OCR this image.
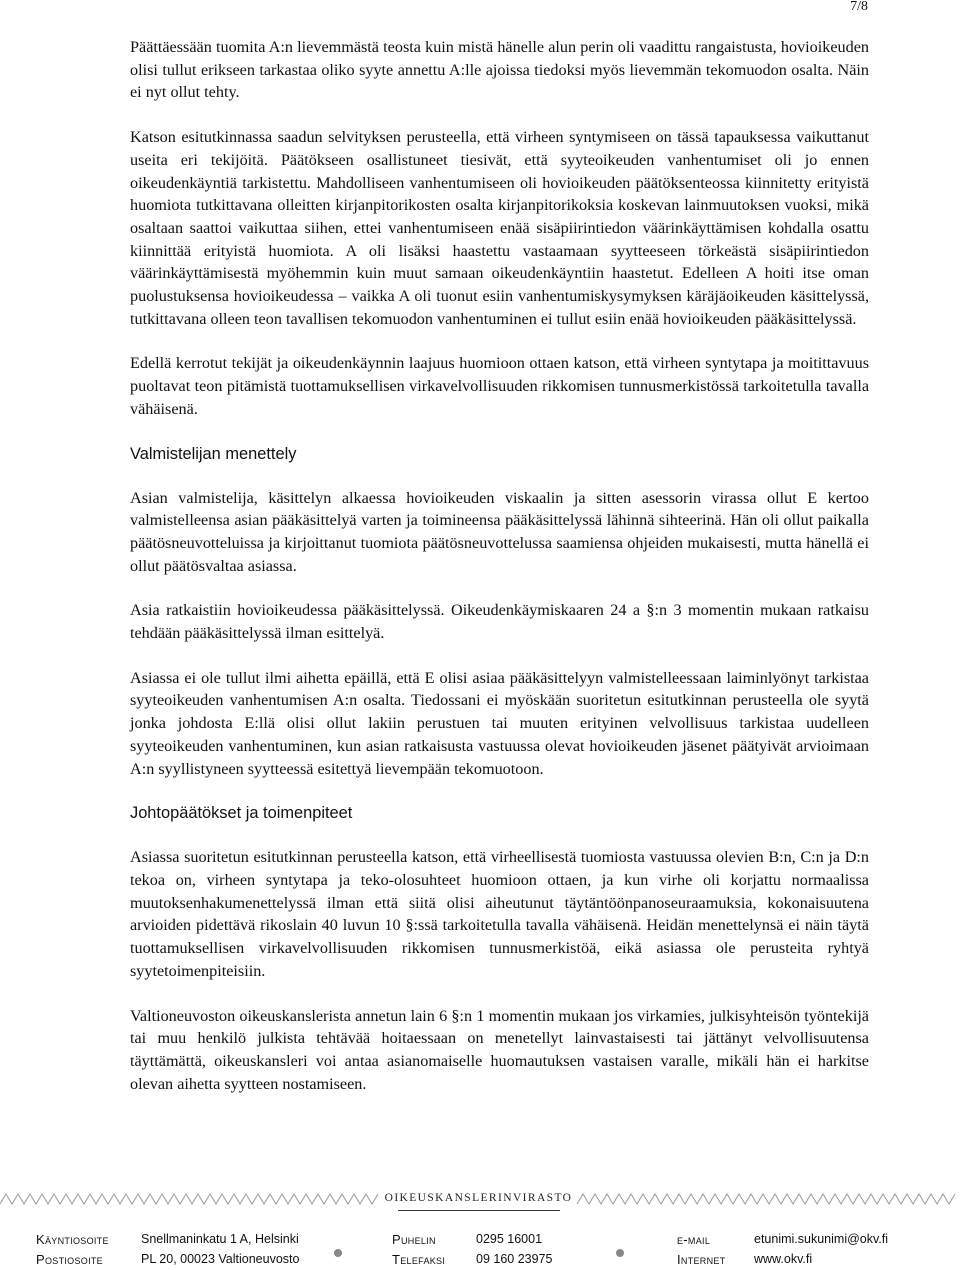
7/8

Päättäessään tuomita A:n lievemmästä teosta kuin mistä hänelle alun perin oli vaadittu rangaistusta, hovioikeuden olisi tullut erikseen tarkastaa oliko syyte annettu A:lle ajoissa tiedoksi myös lievemmän tekomuodon osalta. Näin ei nyt ollut tehty.

Katson esitutkinnassa saadun selvityksen perusteella, että virheen syntymiseen on tässä tapauksessa vaikuttanut useita eri tekijöitä. Päätökseen osallistuneet tiesivät, että syyteoikeuden vanhentumiset oli jo ennen oikeudenkäyntiä tarkistettu. Mahdolliseen vanhentumiseen oli hovioikeuden päätöksenteossa kiinnitetty erityistä huomiota tutkittavana olleitten kirjanpitorikosten osalta kirjanpitorikoksia koskevan lainmuutoksen vuoksi, mikä osaltaan saattoi vaikuttaa siihen, ettei vanhentumiseen enää sisäpiirintiedon väärinkäyttämisen kohdalla osattu kiinnittää erityistä huomiota. A oli lisäksi haastettu vastaamaan syytteeseen törkeästä sisäpiirintiedon väärinkäyttämisestä myöhemmin kuin muut samaan oikeudenkäyntiin haastetut. Edelleen A hoiti itse oman puolustuksensa hovioikeudessa – vaikka A oli tuonut esiin vanhentumiskysymyksen käräjäoikeuden käsittelyssä, tutkittavana olleen teon tavallisen tekomuodon vanhentuminen ei tullut esiin enää hovioikeuden pääkäsittelyssä.

Edellä kerrotut tekijät ja oikeudenkäynnin laajuus huomioon ottaen katson, että virheen syntytapa ja moitittavuus puoltavat teon pitämistä tuottamuksellisen virkavelvollisuuden rikkomisen tunnusmerkistössä tarkoitetulla tavalla vähäisenä.

Valmistelijan menettely

Asian valmistelija, käsittelyn alkaessa hovioikeuden viskaalin ja sitten asessorin virassa ollut E kertoo valmistelleensa asian pääkäsittelyä varten ja toimineensa pääkäsittelyssä lähinnä sihteerinä. Hän oli ollut paikalla päätösneuvotteluissa ja kirjoittanut tuomiota päätösneuvottelussa saamiensa ohjeiden mukaisesti, mutta hänellä ei ollut päätösvaltaa asiassa.

Asia ratkaistiin hovioikeudessa pääkäsittelyssä. Oikeudenkäymiskaaren 24 a §:n 3 momentin mukaan ratkaisu tehdään pääkäsittelyssä ilman esittelyä.

Asiassa ei ole tullut ilmi aihetta epäillä, että E olisi asiaa pääkäsittelyyn valmistelleessaan laiminlyönyt tarkistaa syyteoikeuden vanhentumisen A:n osalta. Tiedossani ei myöskään suoritetun esitutkinnan perusteella ole syytä jonka johdosta E:llä olisi ollut lakiin perustuen tai muuten erityinen velvollisuus tarkistaa uudelleen syyteoikeuden vanhentuminen, kun asian ratkaisusta vastuussa olevat hovioikeuden jäsenet päätyivät arvioimaan A:n syyllistyneen syytteessä esitettyä lievempään tekomuotoon.

Johtopäätökset ja toimenpiteet

Asiassa suoritetun esitutkinnan perusteella katson, että virheellisestä tuomiosta vastuussa olevien B:n, C:n ja D:n tekoa on, virheen syntytapa ja teko-olosuhteet huomioon ottaen, ja kun virhe oli korjattu normaalissa muutoksenhakumenettelyssä ilman että siitä olisi aiheutunut täytäntöönpanoseuraamuksia, kokonaisuutena arvioiden pidettävä rikoslain 40 luvun 10 §:ssä tarkoitetulla tavalla vähäisenä. Heidän menettelynsä ei näin täytä tuottamuksellisen virkavelvollisuuden rikkomisen tunnusmerkistöä, eikä asiassa ole perusteita ryhtyä syytetoimenpiteisiin.

Valtioneuvoston oikeuskanslerista annetun lain 6 §:n 1 momentin mukaan jos virkamies, julkisyhteisön työntekijä tai muu henkilö julkista tehtävää hoitaessaan on menetellyt lainvastaisesti tai jättänyt velvollisuutensa täyttämättä, oikeuskansleri voi antaa asianomaiselle huomautuksen vastaisen varalle, mikäli hän ei harkitse olevan aihetta syytteen nostamiseen.

OIKEUSKANSLERINVIRASTO
Käyntiosoite	Snellmaninkatu 1 A, Helsinki	Puhelin	0295 16001	e-mail	etunimi.sukunimi@okv.fi
Postiosoite	PL 20, 00023 Valtioneuvosto	Telefaksi 09 160 23975	Internet www.okv.fi
